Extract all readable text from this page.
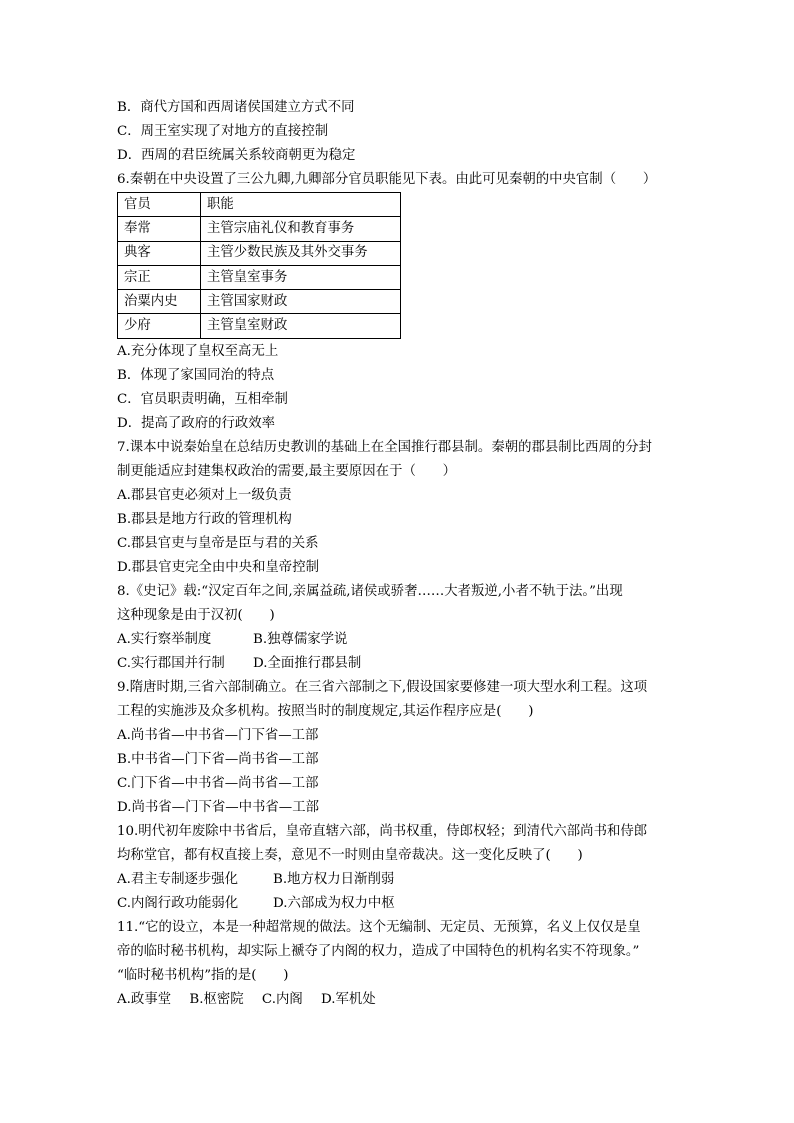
B．商代方国和西周诸侯国建立方式不同
C．周王室实现了对地方的直接控制
D．西周的君臣统属关系较商朝更为稳定
6.秦朝在中央设置了三公九卿,九卿部分官员职能见下表。由此可见秦朝的中央官制（　　）
官员	职能
奉常	主管宗庙礼仪和教育事务
典客	主管少数民族及其外交事务
宗正	主管皇室事务
治粟内史	主管国家财政
少府	主管皇室财政
A.充分体现了皇权至高无上
B．体现了家国同治的特点
C．官员职责明确，互相牵制
D．提高了政府的行政效率
7.课本中说秦始皇在总结历史教训的基础上在全国推行郡县制。秦朝的郡县制比西周的分封
制更能适应封建集权政治的需要,最主要原因在于（　　）
A.郡县官吏必须对上一级负责
B.郡县是地方行政的管理机构
C.郡县官吏与皇帝是臣与君的关系
D.郡县官吏完全由中央和皇帝控制
8.《史记》载:“汉定百年之间,亲属益疏,诸侯或骄奢……大者叛逆,小者不轨于法。”出现
这种现象是由于汉初(　　)
A.实行察举制度	B.独尊儒家学说
C.实行郡国并行制 D.全面推行郡县制
9.隋唐时期,三省六部制确立。在三省六部制之下,假设国家要修建一项大型水利工程。这项
工程的实施涉及众多机构。按照当时的制度规定,其运作程序应是(　　)
A.尚书省—中书省—门下省—工部
B.中书省—门下省—尚书省—工部
C.门下省—中书省—尚书省—工部
D.尚书省—门下省—中书省—工部
10.明代初年废除中书省后，皇帝直辖六部，尚书权重，侍郎权轻；到清代六部尚书和侍郎
均称堂官，都有权直接上奏，意见不一时则由皇帝裁决。这一变化反映了(　　)
A.君主专制逐步强化	B.地方权力日渐削弱
C.内阁行政功能弱化	D.六部成为权力中枢
11.“它的设立，本是一种超常规的做法。这个无编制、无定员、无预算，名义上仅仅是皇
帝的临时秘书机构，却实际上褫夺了内阁的权力，造成了中国特色的机构名实不符现象。”
“临时秘书机构”指的是(　　)
A.政事堂 B.枢密院 C.内阁 D.军机处
